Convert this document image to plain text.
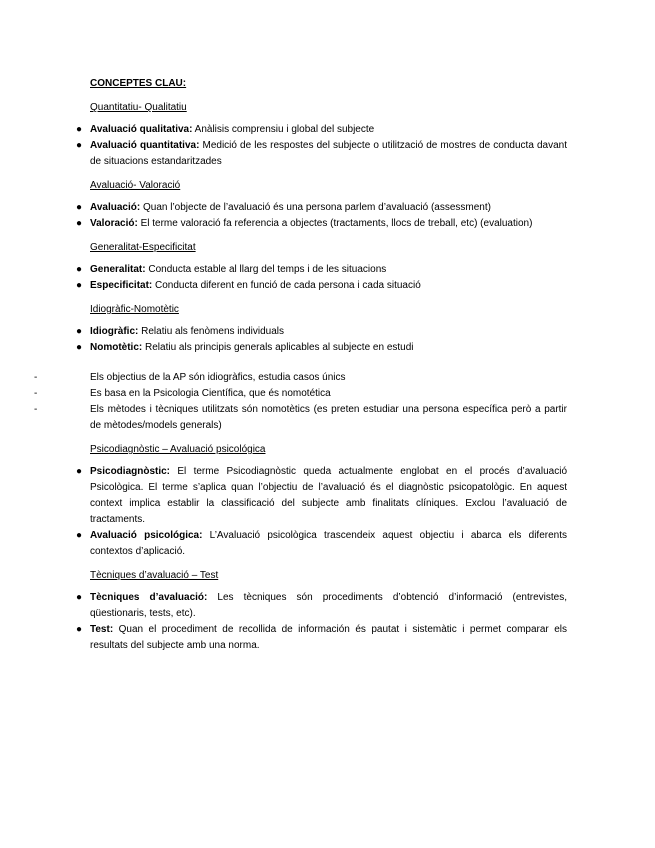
CONCEPTES CLAU:

Quantitatiu- Qualitatiu

● Avaluació qualitativa: Anàlisis comprensiu i global del subjecte
● Avaluació quantitativa: Medició de les respostes del subjecte o utilització de mostres de conducta davant de situacions estandaritzades

Avaluació- Valoració

● Avaluació: Quan l’objecte de l’avaluació és una persona parlem d’avaluació (assessment)
● Valoració: El terme valoració fa referencia a objectes (tractaments, llocs de treball, etc) (evaluation)

Generalitat-Especificitat

● Generalitat: Conducta estable al llarg del temps i de les situacions
● Especificitat: Conducta diferent en funció de cada persona i cada situació

Idiogràfic-Nomotètic

● Idiogràfic: Relatiu als fenòmens individuals
● Nomotètic: Relatiu als principis generals aplicables al subjecte en estudi
-	Els objectius de la AP són idiogràfics, estudia casos únics
-	Es basa en la Psicologia Científica, que és nomotética
-	Els mètodes i tècniques utilitzats són nomotètics (es preten estudiar una persona específica però a partir de mètodes/models generals)

Psicodiagnòstic – Avaluació psicológica

● Psicodiagnòstic: El terme Psicodiagnòstic queda actualmente englobat en el procés d’avaluació Psicològica. El terme s’aplica quan l’objectiu de l’avaluació és el diagnòstic psicopatològic. En aquest context implica establir la classificació del subjecte amb finalitats clíniques. Exclou l’avaluació de tractaments.
● Avaluació psicológica: L’Avaluació psicològica trascendeix aquest objectiu i abarca els diferents contextos d’aplicació.

Tècniques d’avaluació – Test

● Tècniques d’avaluació: Les tècniques són procediments d’obtenció d’informació (entrevistes, qüestionaris, tests, etc).
● Test: Quan el procediment de recollida de información és pautat i sistemàtic i permet comparar els resultats del subjecte amb una norma.
